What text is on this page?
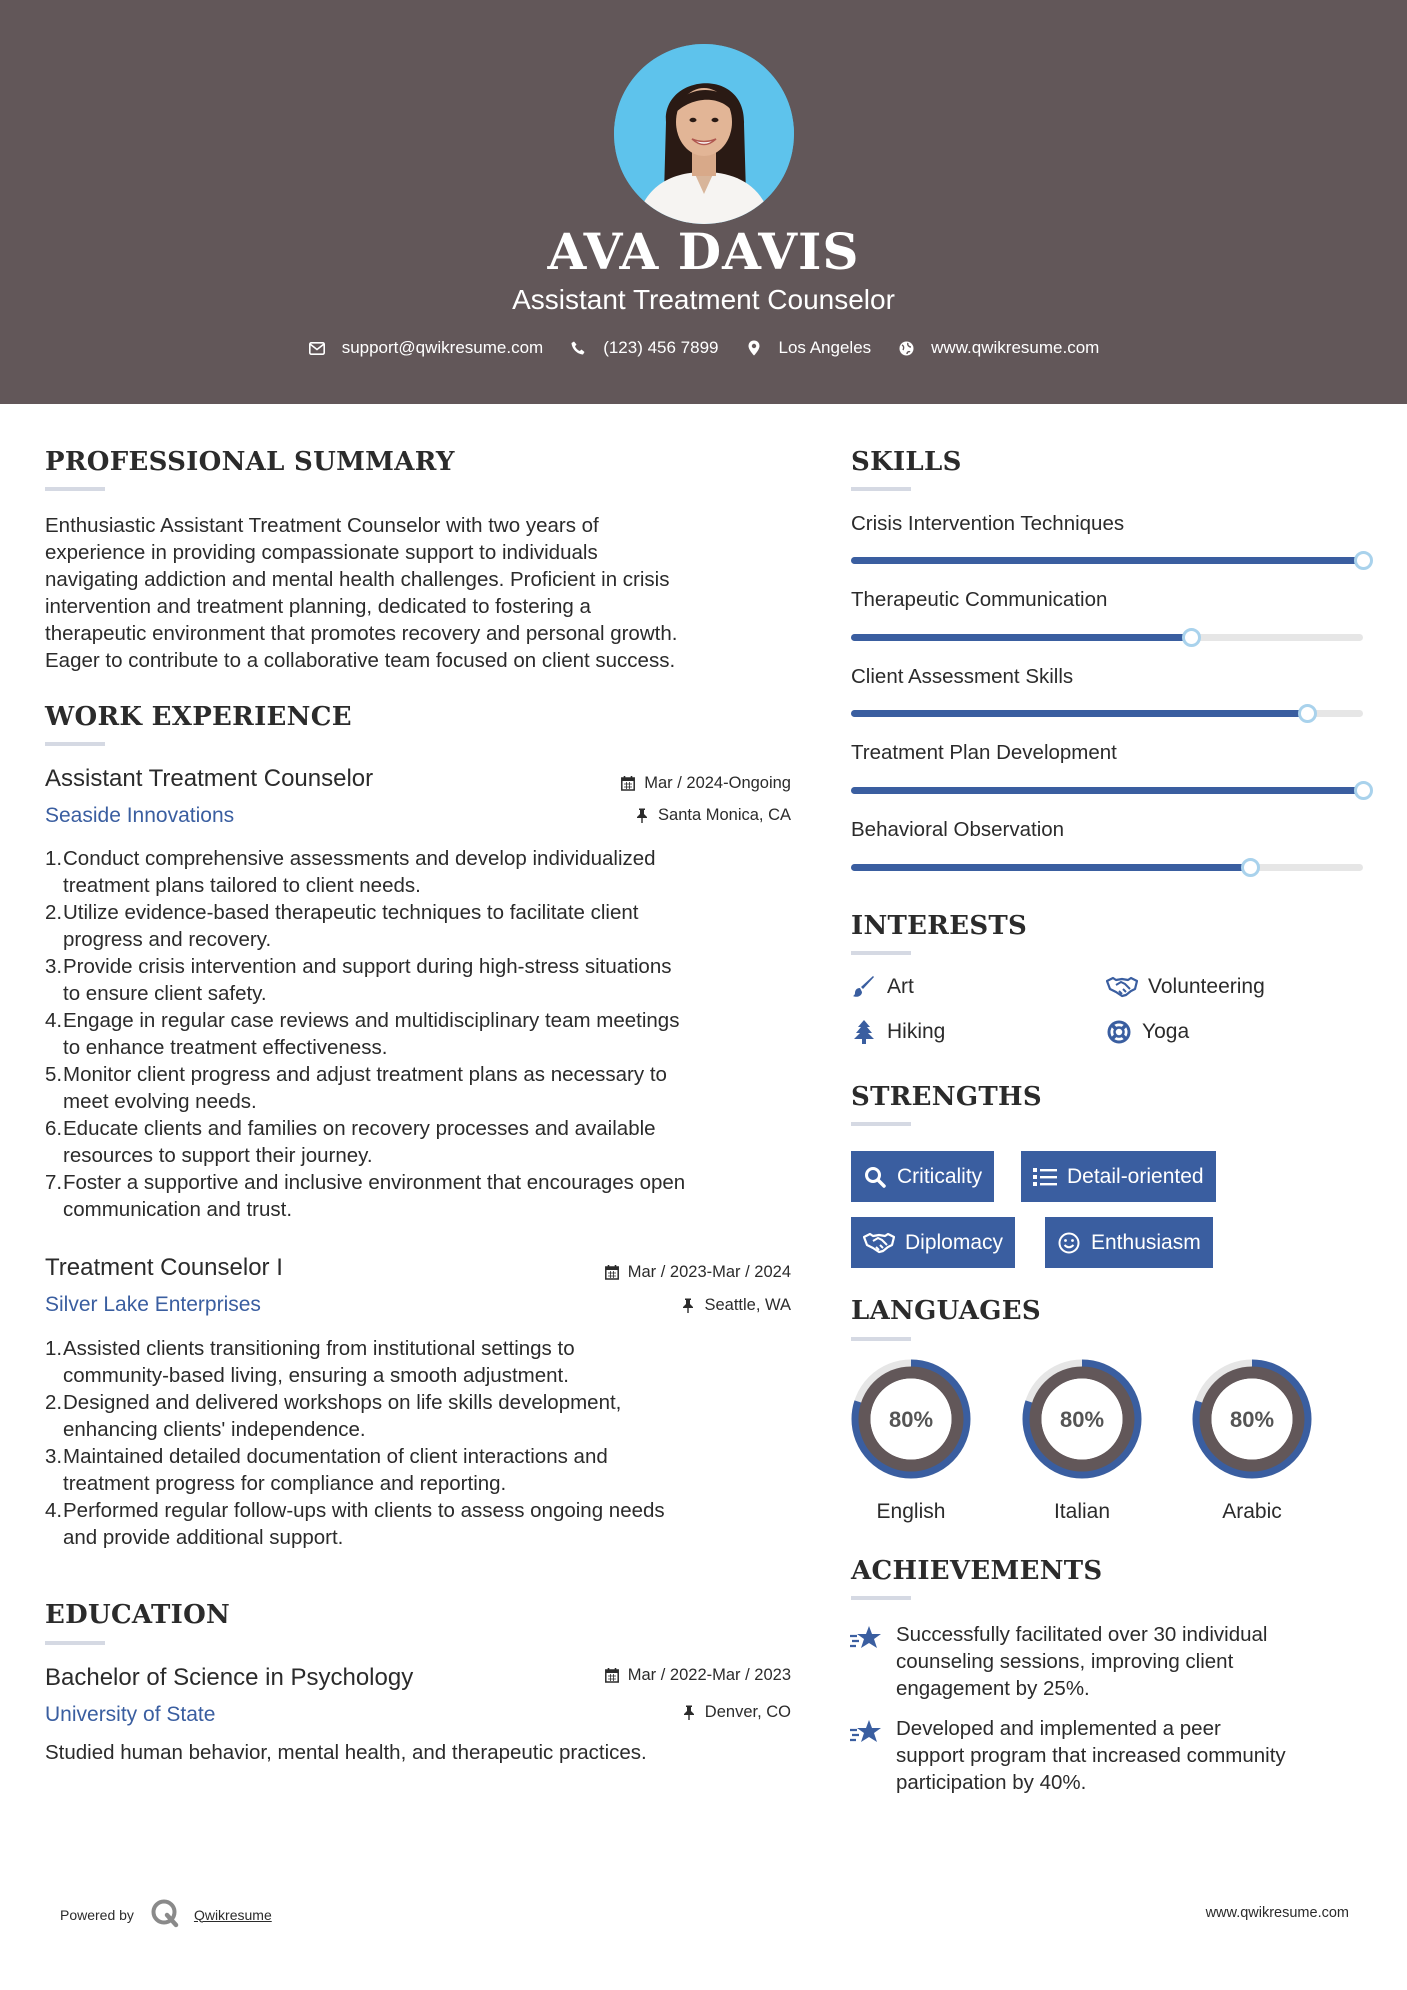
AVA DAVIS
Assistant Treatment Counselor
support@qwikresume.com	(123) 456 7899	Los Angeles	www.qwikresume.com
PROFESSIONAL SUMMARY
Enthusiastic Assistant Treatment Counselor with two years of
experience in providing compassionate support to individuals
navigating addiction and mental health challenges. Proficient in crisis
intervention and treatment planning, dedicated to fostering a
therapeutic environment that promotes recovery and personal growth.
Eager to contribute to a collaborative team focused on client success.
WORK EXPERIENCE
Assistant Treatment Counselor
Seaside Innovations
Mar / 2024-Ongoing
Santa Monica, CA
1. Conduct comprehensive assessments and develop individualized
treatment plans tailored to client needs.
2. Utilize evidence-based therapeutic techniques to facilitate client
progress and recovery.
3. Provide crisis intervention and support during high-stress situations
to ensure client safety.
4. Engage in regular case reviews and multidisciplinary team meetings
to enhance treatment effectiveness.
5. Monitor client progress and adjust treatment plans as necessary to
meet evolving needs.
6. Educate clients and families on recovery processes and available
resources to support their journey.
7. Foster a supportive and inclusive environment that encourages open
communication and trust.
Treatment Counselor I
Silver Lake Enterprises
Mar / 2023-Mar / 2024
Seattle, WA
1. Assisted clients transitioning from institutional settings to
community-based living, ensuring a smooth adjustment.
2. Designed and delivered workshops on life skills development,
enhancing clients' independence.
3. Maintained detailed documentation of client interactions and
treatment progress for compliance and reporting.
4. Performed regular follow-ups with clients to assess ongoing needs
and provide additional support.
EDUCATION
Bachelor of Science in Psychology
University of State
Mar / 2022-Mar / 2023
Denver, CO
Studied human behavior, mental health, and therapeutic practices.
SKILLS
Crisis Intervention Techniques
Therapeutic Communication
Client Assessment Skills
Treatment Plan Development
Behavioral Observation
INTERESTS
Art	Volunteering
Hiking	Yoga
STRENGTHS
Criticality	Detail-oriented
Diplomacy	Enthusiasm
LANGUAGES
80%
English
80%
Italian
80%
Arabic
ACHIEVEMENTS
Successfully facilitated over 30 individual
counseling sessions, improving client
engagement by 25%.
Developed and implemented a peer
support program that increased community
participation by 40%.
Powered by	Qwikresume	www.qwikresume.com
